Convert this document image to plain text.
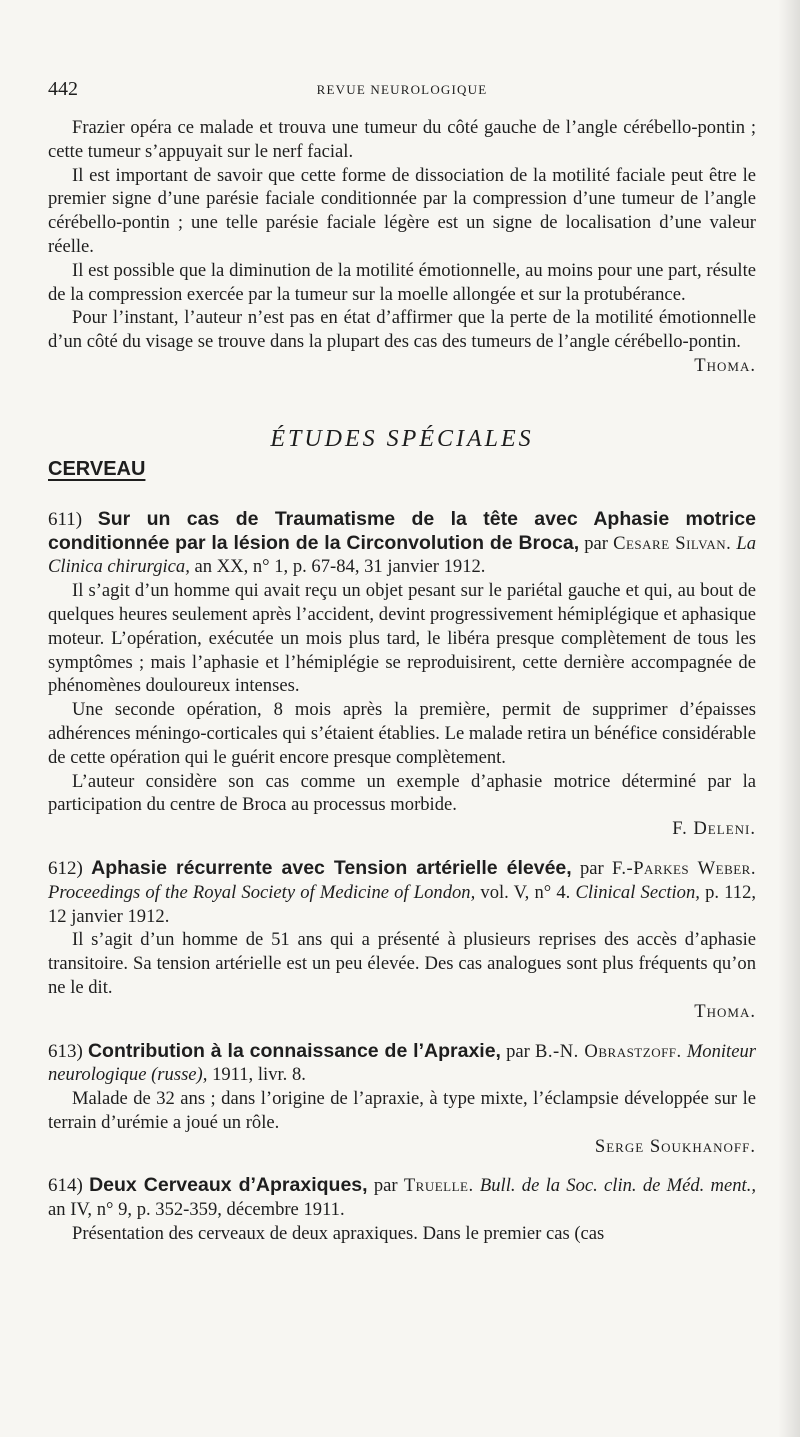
442	REVUE NEUROLOGIQUE

Frazier opéra ce malade et trouva une tumeur du côté gauche de l’angle cérébello-pontin ; cette tumeur s’appuyait sur le nerf facial.

Il est important de savoir que cette forme de dissociation de la motilité faciale peut être le premier signe d’une parésie faciale conditionnée par la compression d’une tumeur de l’angle cérébello-pontin ; une telle parésie faciale légère est un signe de localisation d’une valeur réelle.

Il est possible que la diminution de la motilité émotionnelle, au moins pour une part, résulte de la compression exercée par la tumeur sur la moelle allongée et sur la protubérance.

Pour l’instant, l’auteur n’est pas en état d’affirmer que la perte de la motilité émotionnelle d’un côté du visage se trouve dans la plupart des cas des tumeurs de l’angle cérébello-pontin.

Thoma.

ÉTUDES SPÉCIALES
CERVEAU

611) Sur un cas de Traumatisme de la tête avec Aphasie motrice conditionnée par la lésion de la Circonvolution de Broca, par Cesare Silvan. La Clinica chirurgica, an XX, n° 1, p. 67-84, 31 janvier 1912.

Il s’agit d’un homme qui avait reçu un objet pesant sur le pariétal gauche et qui, au bout de quelques heures seulement après l’accident, devint progressivement hémiplégique et aphasique moteur. L’opération, exécutée un mois plus tard, le libéra presque complètement de tous les symptômes ; mais l’aphasie et l’hémiplégie se reproduisirent, cette dernière accompagnée de phénomènes douloureux intenses.

Une seconde opération, 8 mois après la première, permit de supprimer d’épaisses adhérences méningo-corticales qui s’étaient établies. Le malade retira un bénéfice considérable de cette opération qui le guérit encore presque complètement.

L’auteur considère son cas comme un exemple d’aphasie motrice déterminé par la participation du centre de Broca au processus morbide.

F. Deleni.

612) Aphasie récurrente avec Tension artérielle élevée, par F.-Parkes Weber. Proceedings of the Royal Society of Medicine of London, vol. V, n° 4. Clinical Section, p. 112, 12 janvier 1912.

Il s’agit d’un homme de 51 ans qui a présenté à plusieurs reprises des accès d’aphasie transitoire. Sa tension artérielle est un peu élevée. Des cas analogues sont plus fréquents qu’on ne le dit.

Thoma.

613) Contribution à la connaissance de l’Apraxie, par B.-N. Obrastzoff. Moniteur neurologique (russe), 1911, livr. 8.

Malade de 32 ans ; dans l’origine de l’apraxie, à type mixte, l’éclampsie développée sur le terrain d’urémie a joué un rôle.

Serge Soukhanoff.

614) Deux Cerveaux d’Apraxiques, par Truelle. Bull. de la Soc. clin. de Méd. ment., an IV, n° 9, p. 352-359, décembre 1911.

Présentation des cerveaux de deux apraxiques. Dans le premier cas (cas
